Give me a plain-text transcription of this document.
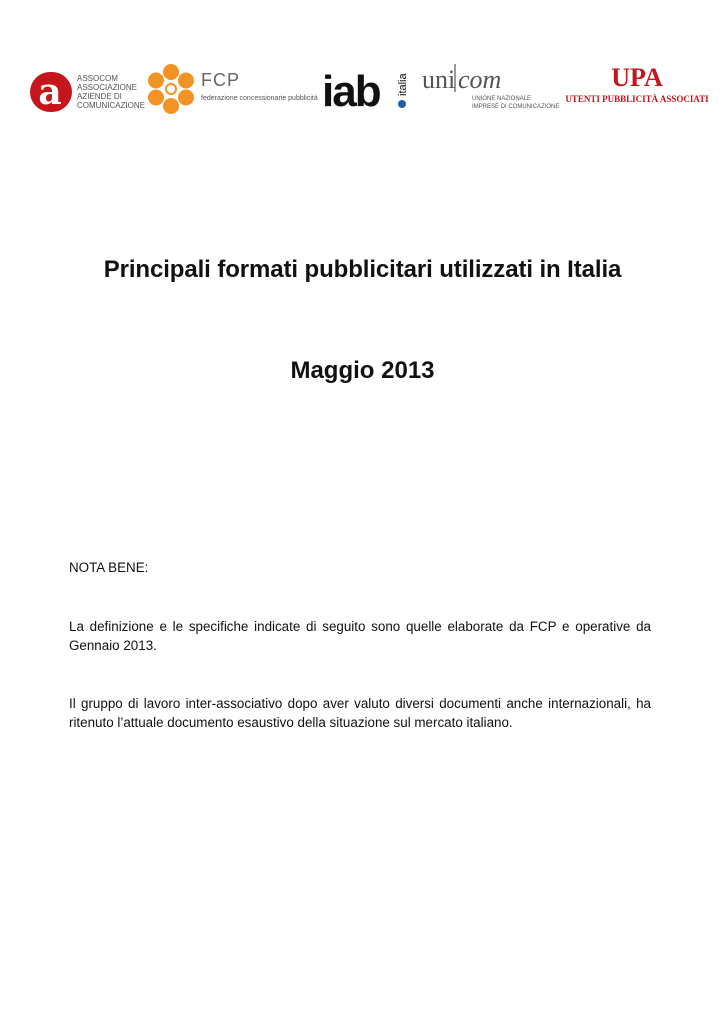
a ASSOCOM
ASSOCIAZIONE
AZIENDE DI
COMUNICAZIONE
FCP
federazione concessionarie pubblicità iab italia uni com
UNIONE NAZIONALE
IMPRESE DI COMUNICAZIONE
UPA
UTENTI PUBBLICITÀ ASSOCIATI
Principali formati pubblicitari utilizzati in Italia
Maggio 2013

NOTA BENE:

La definizione e le specifiche indicate di seguito sono quelle elaborate da FCP e operative da Gennaio 2013.

Il gruppo di lavoro inter-associativo dopo aver valuto diversi documenti anche internazionali, ha ritenuto l’attuale documento esaustivo della situazione sul mercato italiano.
